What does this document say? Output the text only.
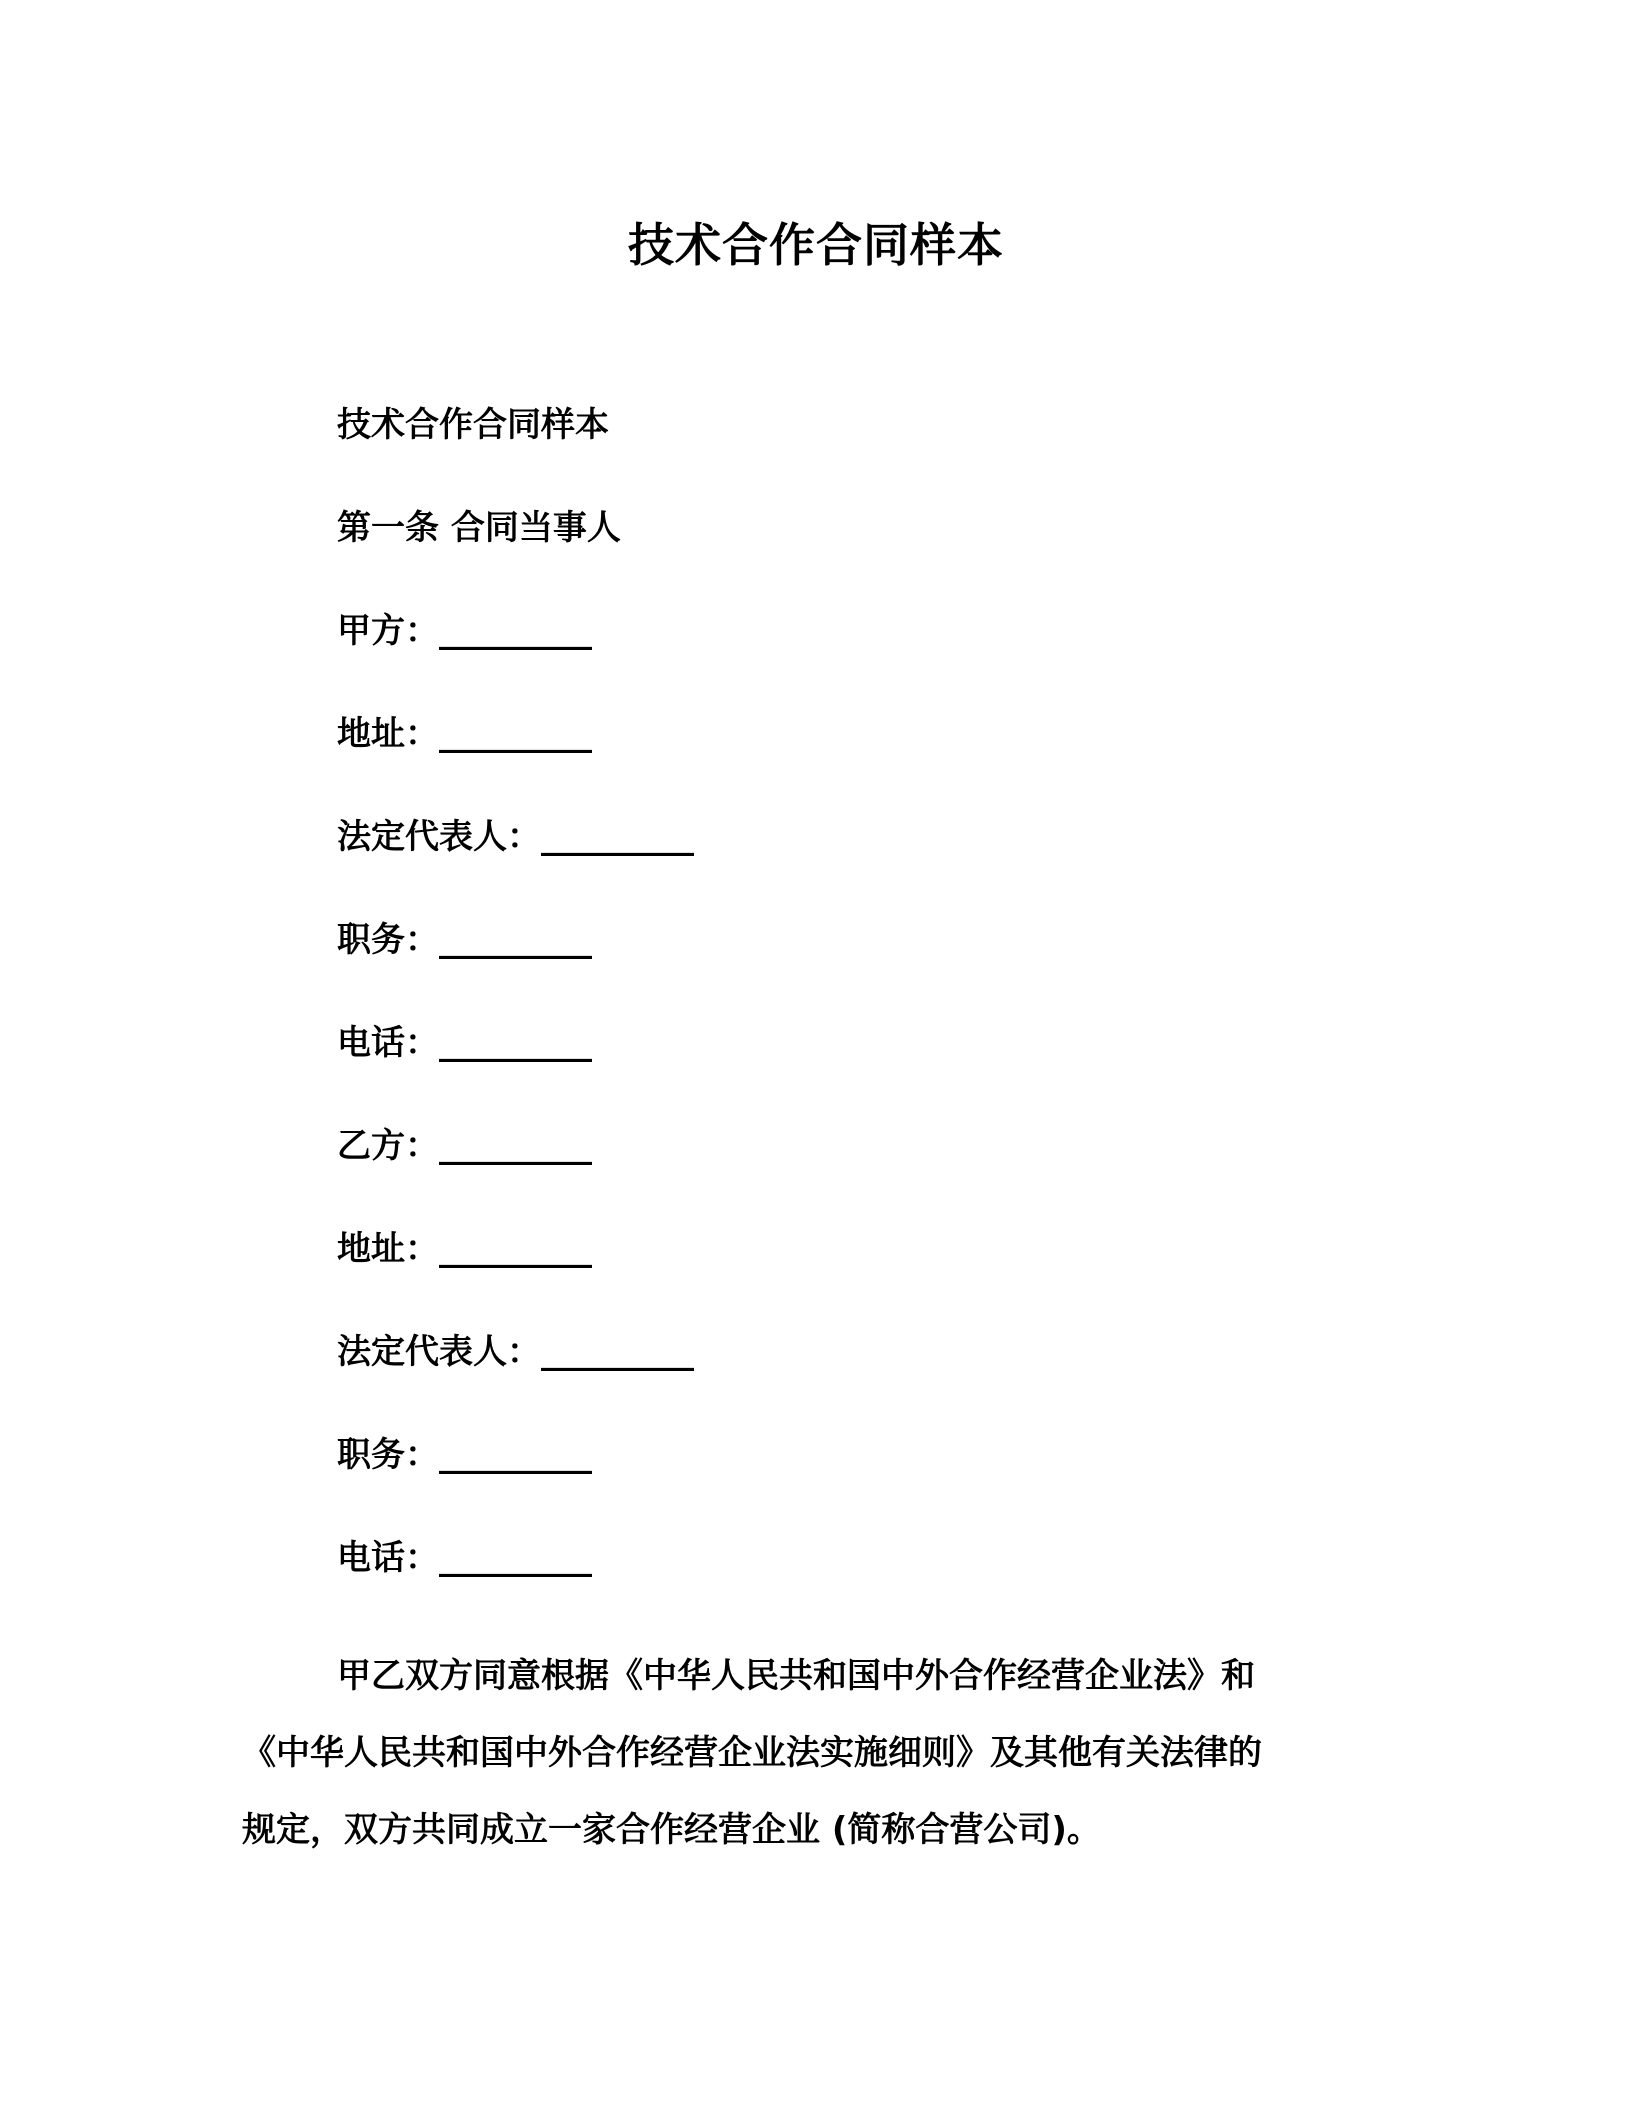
技术合作合同样本
技术合作合同样本
第一条 合同当事人
甲方：_________
地址：_________
法定代表人：_________
职务：_________
电话：_________
乙方：_________
地址：_________
法定代表人：_________
职务：_________
电话：_________
甲乙双方同意根据《中华人民共和国中外合作经营企业法》和
《中华人民共和国中外合作经营企业法实施细则》及其他有关法律的
规定，双方共同成立一家合作经营企业 (简称合营公司)。
